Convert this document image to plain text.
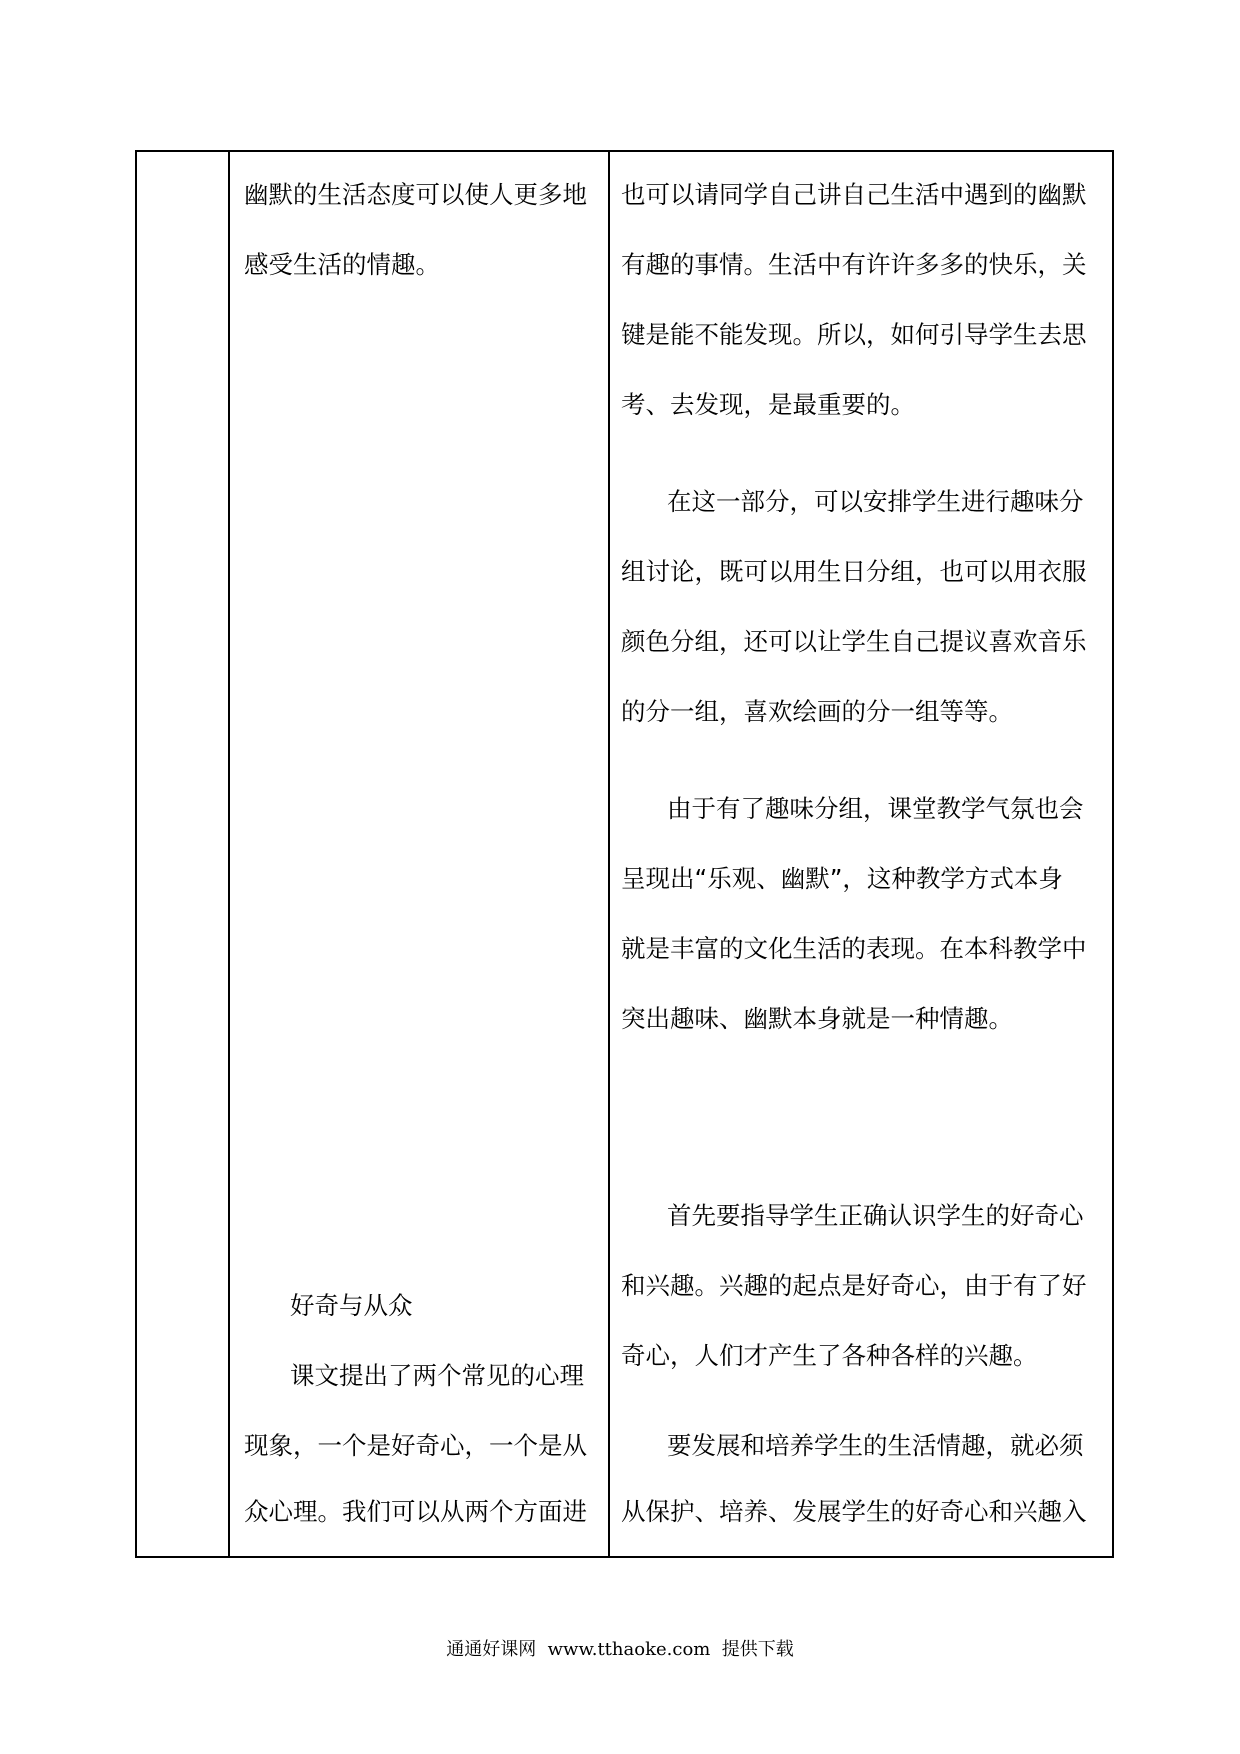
幽默的生活态度可以使人更多地
感受生活的情趣。
好奇与从众
课文提出了两个常见的心理
现象，一个是好奇心，一个是从
众心理。我们可以从两个方面进
也可以请同学自己讲自己生活中遇到的幽默
有趣的事情。生活中有许许多多的快乐，关
键是能不能发现。所以，如何引导学生去思
考、去发现，是最重要的。
在这一部分，可以安排学生进行趣味分
组讨论，既可以用生日分组，也可以用衣服
颜色分组，还可以让学生自己提议喜欢音乐
的分一组，喜欢绘画的分一组等等。
由于有了趣味分组，课堂教学气氛也会
呈现出“乐观、幽默”，这种教学方式本身
就是丰富的文化生活的表现。在本科教学中
突出趣味、幽默本身就是一种情趣。
首先要指导学生正确认识学生的好奇心
和兴趣。兴趣的起点是好奇心，由于有了好
奇心，人们才产生了各种各样的兴趣。
要发展和培养学生的生活情趣，就必须
从保护、培养、发展学生的好奇心和兴趣入
通通好课网  www.tthaoke.com  提供下载
